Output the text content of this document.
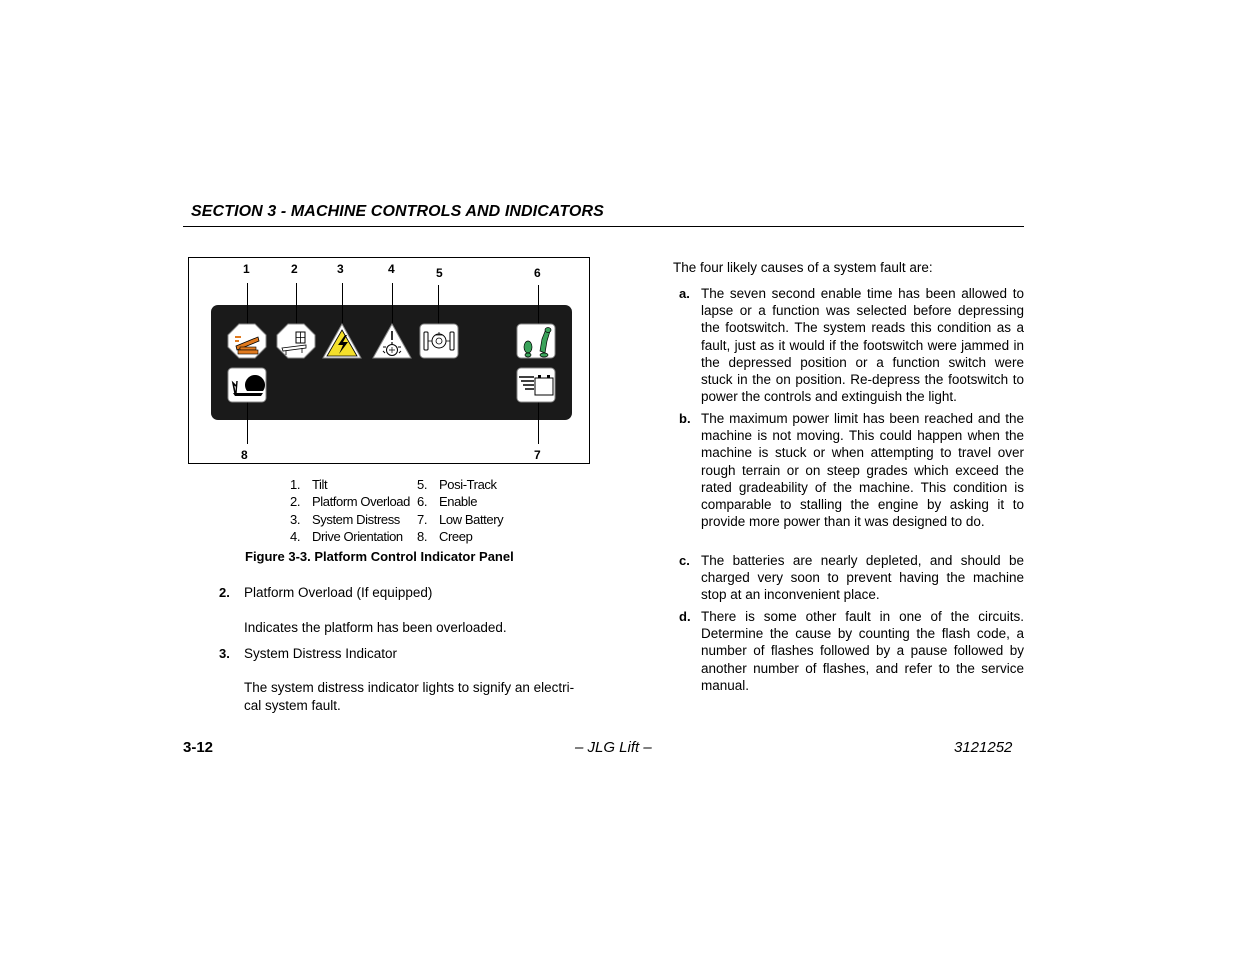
SECTION 3 - MACHINE CONTROLS AND INDICATORS
1	2	3	4	5	6
7
8
1. Tilt	5. Posi-Track
2. Platform Overload 6. Enable
3. System Distress 7. Low Battery
4. Drive Orientation 8. Creep
Figure 3-3. Platform Control Indicator Panel
2. Platform Overload (If equipped)
Indicates the platform has been overloaded.
3. System Distress Indicator
The system distress indicator lights to signify an electri-
cal system fault.
The four likely causes of a system fault are:
a. The seven second enable time has been allowed to lapse or a function was selected before depressing the footswitch. The system reads this condition as a fault, just as it would if the footswitch were jammed in the depressed position or a function switch were stuck in the on position. Re-depress the footswitch to power the controls and extinguish the light.
b. The maximum power limit has been reached and the machine is not moving. This could happen when the machine is stuck or when attempting to travel over rough terrain or on steep grades which exceed the rated gradeability of the machine. This condition is comparable to stalling the engine by asking it to provide more power than it was designed to do.
c. The batteries are nearly depleted, and should be charged very soon to prevent having the machine stop at an inconvenient place.
d. There is some other fault in one of the circuits. Determine the cause by counting the flash code, a number of flashes followed by a pause followed by another number of flashes, and refer to the service manual.
3-12	– JLG Lift –	3121252
